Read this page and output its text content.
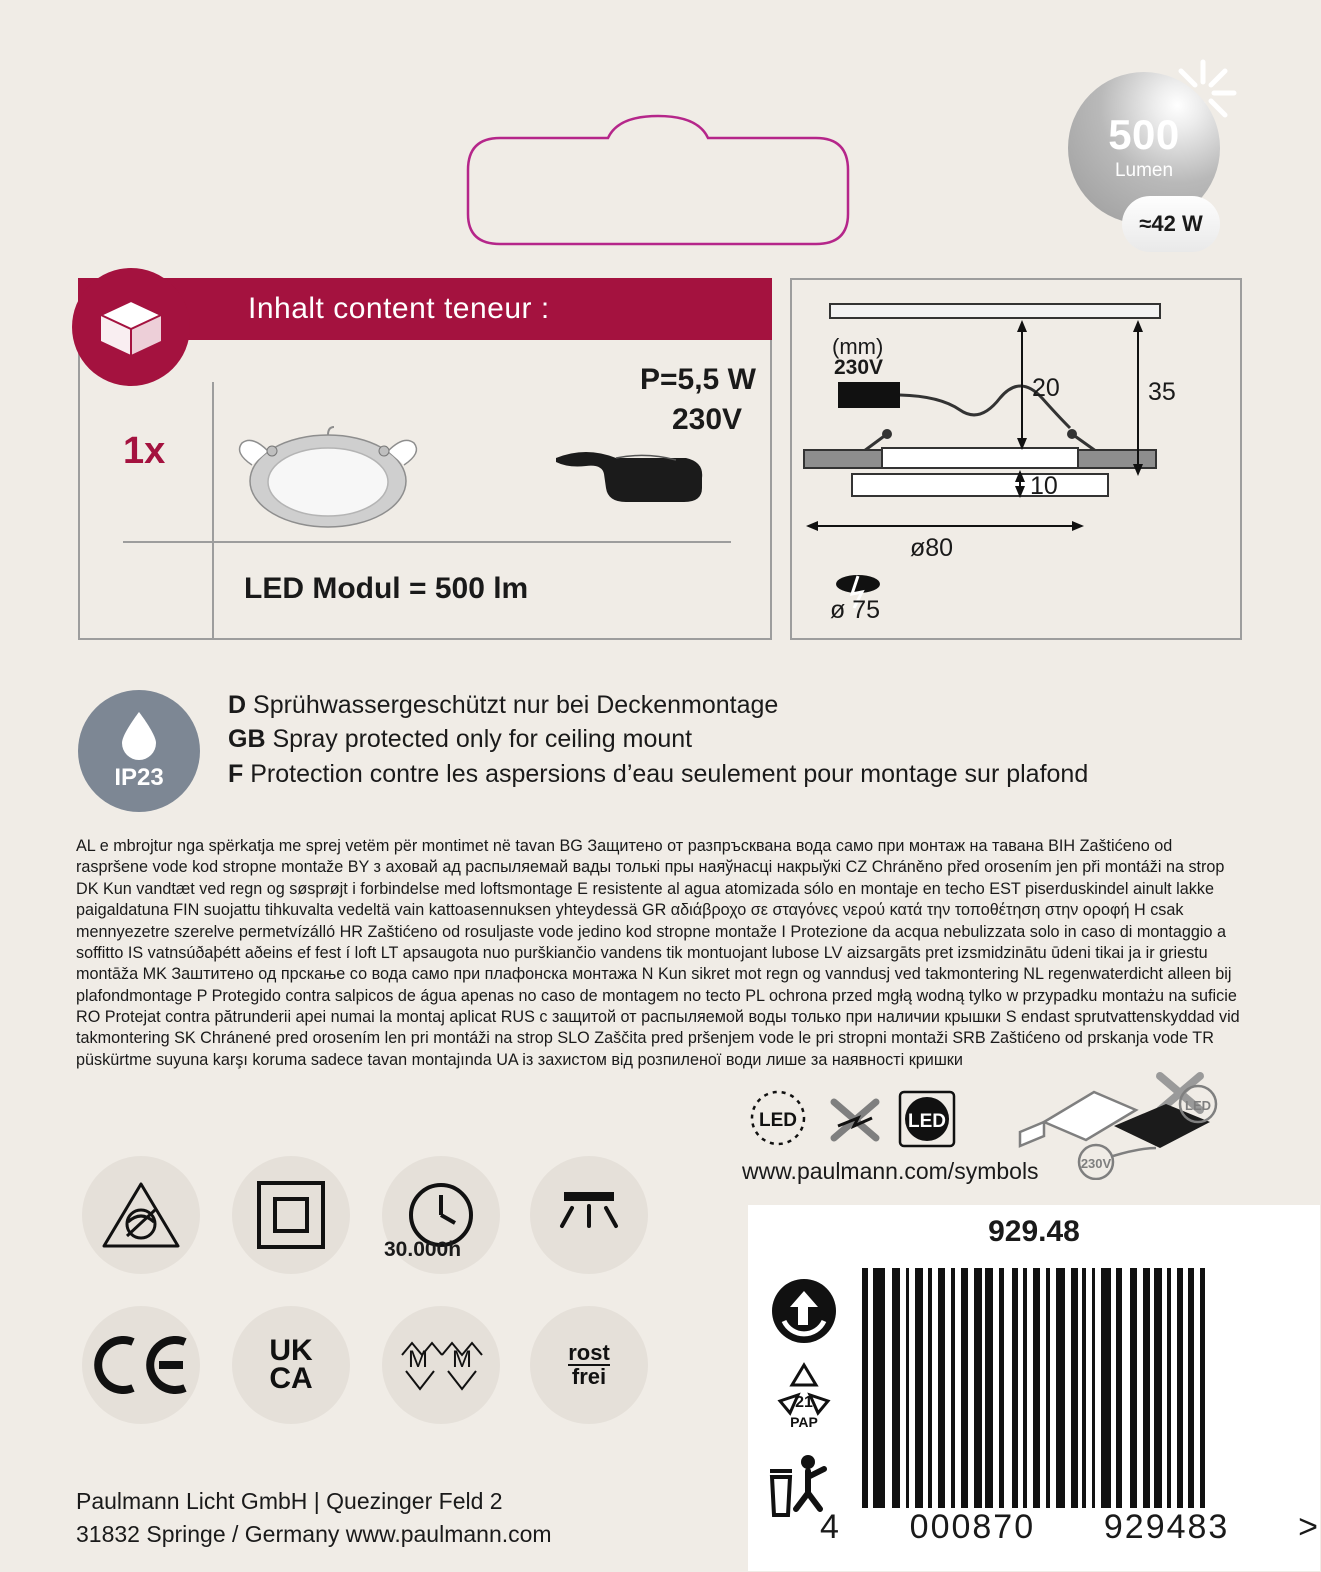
500
Lumen
≈42 W
Inhalt content teneur :
1x
P=5,5 W
230V
LED Modul = 500 lm
(mm)
230V
20	35
10
ø80
ø 75
IP23
D Sprühwassergeschützt nur bei Deckenmontage
GB Spray protected only for ceiling mount
F Protection contre les aspersions d’eau seulement pour montage sur plafond
AL e mbrojtur nga spërkatja me sprej vetëm për montimet në tavan BG Защитено от разпръсквана вода само при монтаж на тавана BIH Zaštićeno od raspršene vode kod stropne montaže BY з аховай ад распыляемай вады толькі пры наяўнасці накрыўкі CZ Chráněno před orosením jen při montáži na strop DK Kun vandtæt ved regn og søsprøjt i forbindelse med loftsmontage E resistente al agua atomizada sólo en montaje en techo EST piserduskindel ainult lakke paigaldatuna FIN suojattu tihkuvalta vedeltä vain kattoasennuksen yhteydessä GR αδιάβροχο σε σταγόνες νερού κατά την τοποθέτηση στην οροφή H csak mennyezetre szerelve permetvízálló HR Zaštićeno od rosuljaste vode jedino kod stropne montaže I Protezione da acqua nebulizzata solo in caso di montaggio a soffitto IS vatnsúðaþétt aðeins ef fest í loft LT apsaugota nuo purškiančio vandens tik montuojant lubose LV aizsargāts pret izsmidzinātu ūdeni tikai ja ir griestu montāža MK Заштитено од прскање со вода само при плафонска монтажа N Kun sikret mot regn og vanndusj ved takmontering NL regenwaterdicht alleen bij plafondmontage P Protegido contra salpicos de água apenas no caso de montagem no tecto PL ochrona przed mgłą wodną tylko w przypadku montażu na suficie RO Protejat contra pătrunderii apei numai la montaj aplicat RUS с защитой от распыляемой воды только при наличии крышки S endast sprutvattenskyddad vid takmontering SK Chránené pred orosením len pri montáži na strop SLO Zaščita pred pršenjem vode le pri stropni montaži SRB Zaštićeno od prskanja vode TR püskürtme suyuna karşı koruma sadece tavan montajında UA із захистом від розпиленої води лише за наявності кришки
LED	LED
www.paulmann.com/symbols
LED
230V
30.000h
UK
CA
M M	rost
frei
Paulmann Licht GmbH | Quezinger Feld 2
31832 Springe / Germany www.paulmann.com
929.48
21
PAP
4 000870 929483 >
